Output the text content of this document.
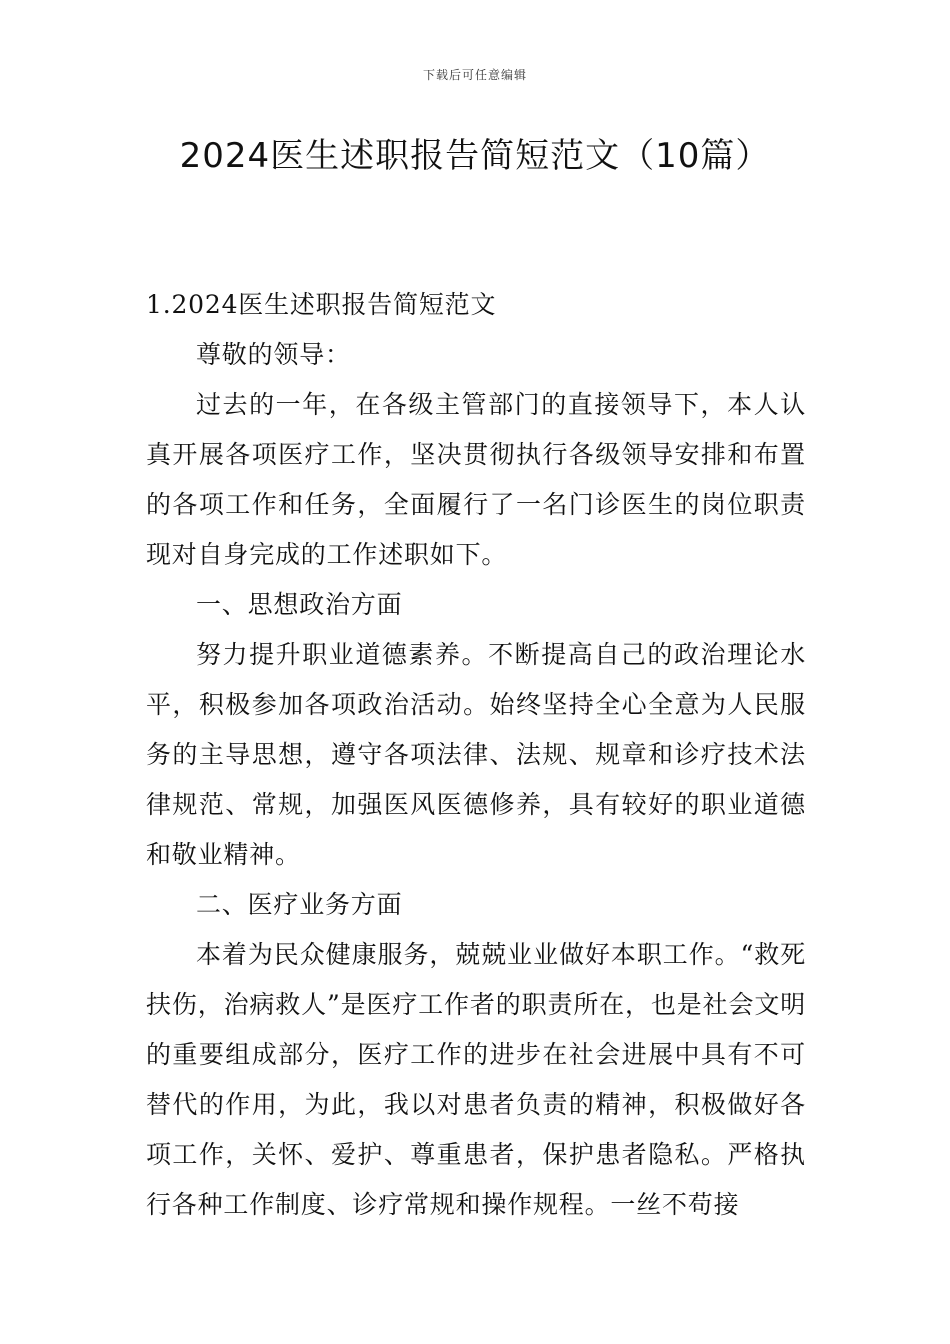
下载后可任意编辑
2024医生述职报告简短范文（10篇）

1.2024医生述职报告简短范文

尊敬的领导：

过去的一年，在各级主管部门的直接领导下，本人认真开展各项医疗工作，坚决贯彻执行各级领导安排和布置的各项工作和任务，全面履行了一名门诊医生的岗位职责现对自身完成的工作述职如下。

一、思想政治方面

努力提升职业道德素养。不断提高自己的政治理论水平，积极参加各项政治活动。始终坚持全心全意为人民服务的主导思想，遵守各项法律、法规、规章和诊疗技术法律规范、常规，加强医风医德修养，具有较好的职业道德和敬业精神。

二、医疗业务方面

本着为民众健康服务，兢兢业业做好本职工作。“救死扶伤，治病救人”是医疗工作者的职责所在，也是社会文明的重要组成部分，医疗工作的进步在社会进展中具有不可替代的作用，为此，我以对患者负责的精神，积极做好各项工作，关怀、爱护、尊重患者，保护患者隐私。严格执行各种工作制度、诊疗常规和操作规程。一丝不苟接
